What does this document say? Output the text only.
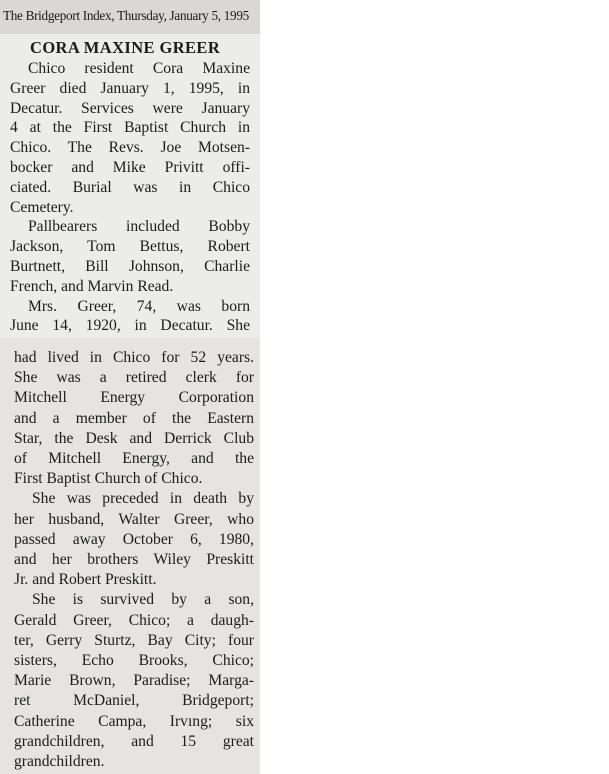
The Bridgeport Index, Thursday, January 5, 1995
CORA MAXINE GREER
Chico resident Cora Maxine
Greer died January 1, 1995, in
Decatur. Services were January
4 at the First Baptist Church in
Chico. The Revs. Joe Motsen-
bocker and Mike Privitt offi-
ciated. Burial was in Chico
Cemetery.
Pallbearers included Bobby
Jackson, Tom Bettus, Robert
Burtnett, Bill Johnson, Charlie
French, and Marvin Read.
Mrs. Greer, 74, was born
June 14, 1920, in Decatur. She
had lived in Chico for 52 years.
She was a retired clerk for
Mitchell Energy Corporation
and a member of the Eastern
Star, the Desk and Derrick Club
of Mitchell Energy, and the
First Baptist Church of Chico.
She was preceded in death by
her husband, Walter Greer, who
passed away October 6, 1980,
and her brothers Wiley Preskitt
Jr. and Robert Preskitt.
She is survived by a son,
Gerald Greer, Chico; a daugh-
ter, Gerry Sturtz, Bay City; four
sisters, Echo Brooks, Chico;
Marie Brown, Paradise; Marga-
ret McDaniel, Bridgeport;
Catherine Campa, Irvıng; six
grandchildren, and 15 great
grandchildren.
